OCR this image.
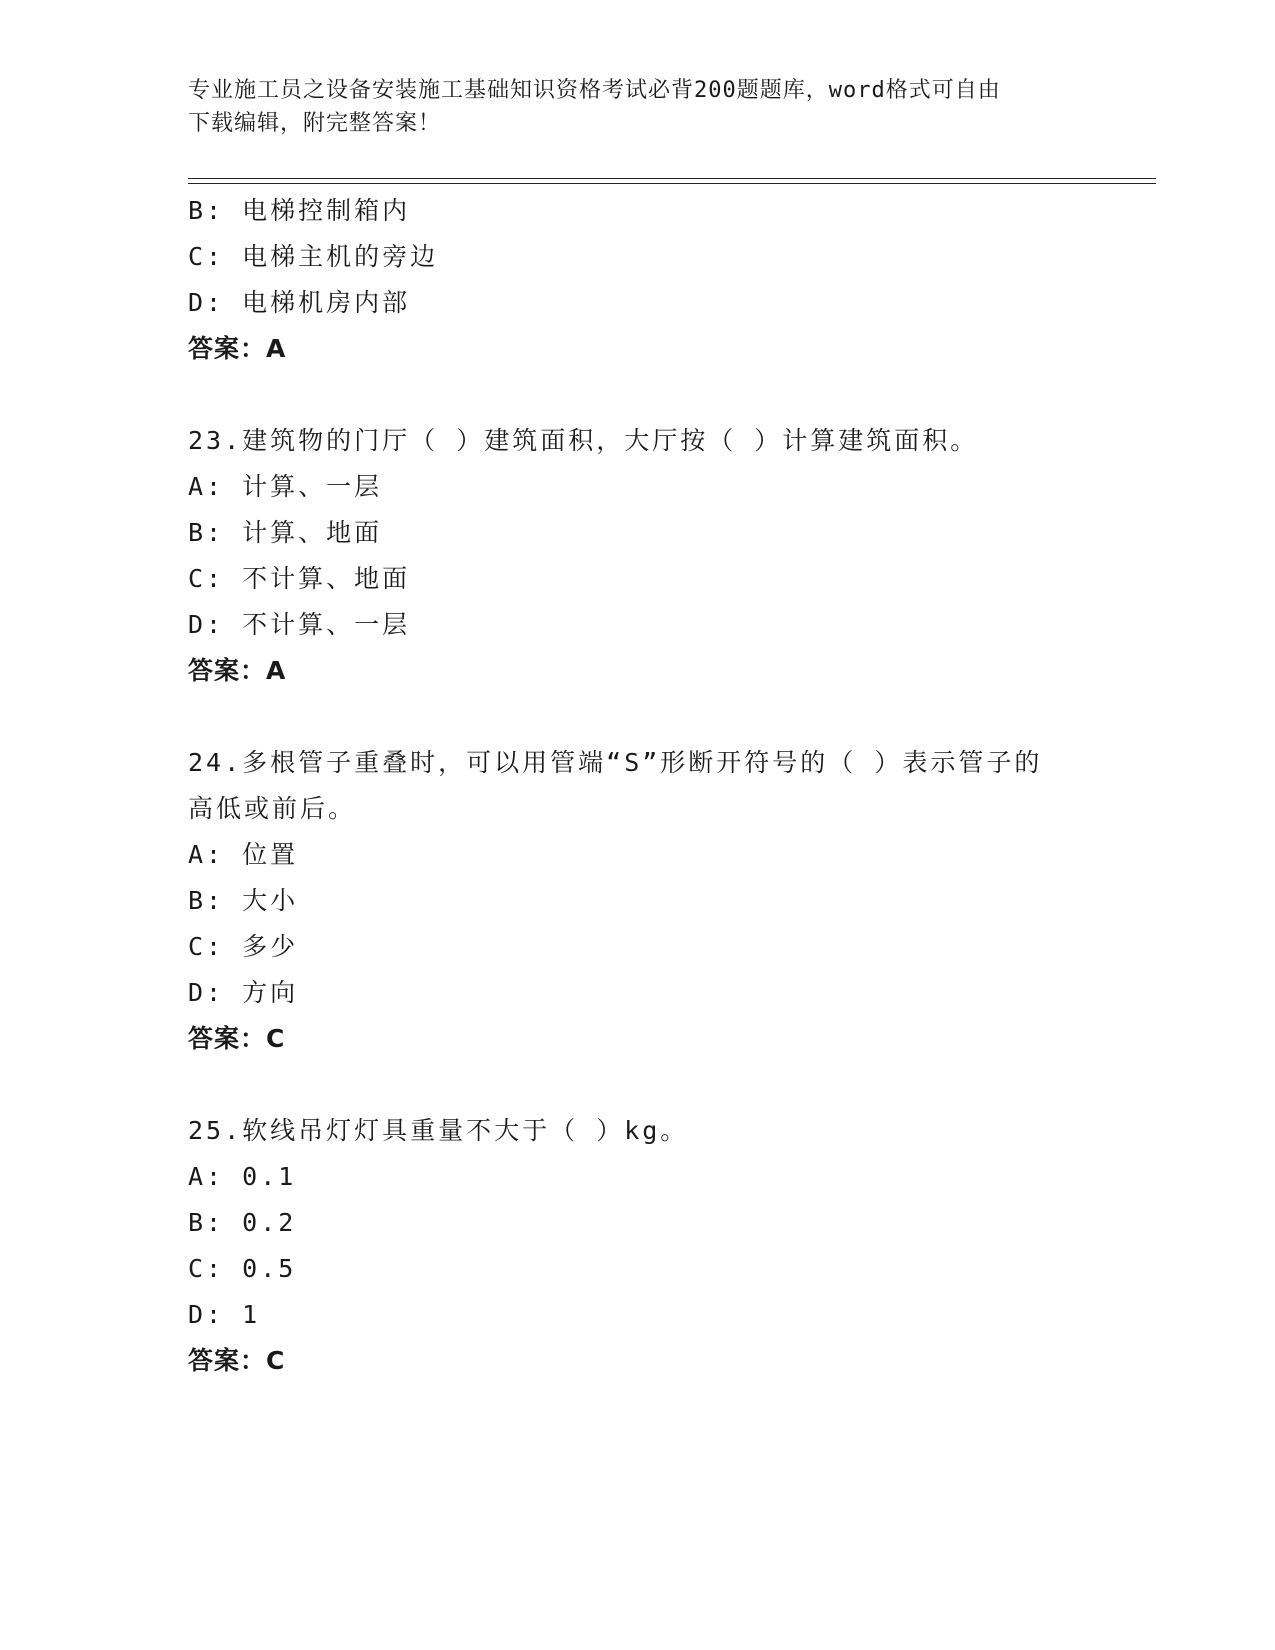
专业施工员之设备安装施工基础知识资格考试必背200题题库，word格式可自由
下载编辑，附完整答案！
B: 电梯控制箱内
C: 电梯主机的旁边
D: 电梯机房内部
答案：A
23.建筑物的门厅（ ）建筑面积，大厅按（ ）计算建筑面积。
A: 计算、一层
B: 计算、地面
C: 不计算、地面
D: 不计算、一层
答案：A
24.多根管子重叠时，可以用管端“S”形断开符号的（ ）表示管子的
高低或前后。
A: 位置
B: 大小
C: 多少
D: 方向
答案：C
25.软线吊灯灯具重量不大于（ ）kg。
A: 0.1
B: 0.2
C: 0.5
D: 1
答案：C
